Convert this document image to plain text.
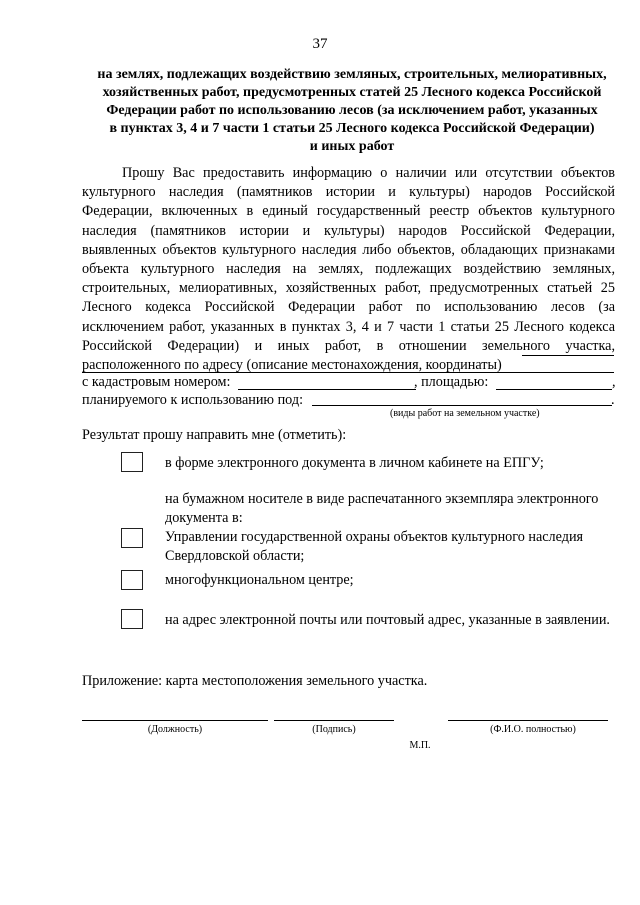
37
на землях, подлежащих воздействию земляных, строительных, мелиоративных,
хозяйственных работ, предусмотренных статей 25 Лесного кодекса Российской
Федерации работ по использованию лесов (за исключением работ, указанных
в пунктах 3, 4 и 7 части 1 статьи 25 Лесного кодекса Российской Федерации)
и иных работ
Прошу Вас предоставить информацию о наличии или отсутствии объектов культурного наследия (памятников истории и культуры) народов Российской Федерации, включенных в единый государственный реестр объектов культурного наследия (памятников истории и культуры) народов Российской Федерации, выявленных объектов культурного наследия либо объектов, обладающих признаками объекта культурного наследия на землях, подлежащих воздействию земляных, строительных, мелиоративных, хозяйственных работ, предусмотренных статьей 25 Лесного кодекса Российской Федерации работ по использованию лесов (за исключением работ, указанных в пунктах 3, 4 и 7 части 1 статьи 25 Лесного кодекса Российской Федерации) и иных работ, в отношении земельного участка, расположенного по адресу (описание местонахождения, координаты)
с кадастровым номером:	, площадью:	,
планируемого к использованию под:	.
(виды работ на земельном участке)
Результат прошу направить мне (отметить):
в форме электронного документа в личном кабинете на ЕПГУ;
на бумажном носителе в виде распечатанного экземпляра электронного документа в:
Управлении государственной охраны объектов культурного наследия Свердловской области;
многофункциональном центре;
на адрес электронной почты или почтовый адрес, указанные в заявлении.
Приложение: карта местоположения земельного участка.
(Должность)	(Подпись)	(Ф.И.О. полностью)
М.П.
